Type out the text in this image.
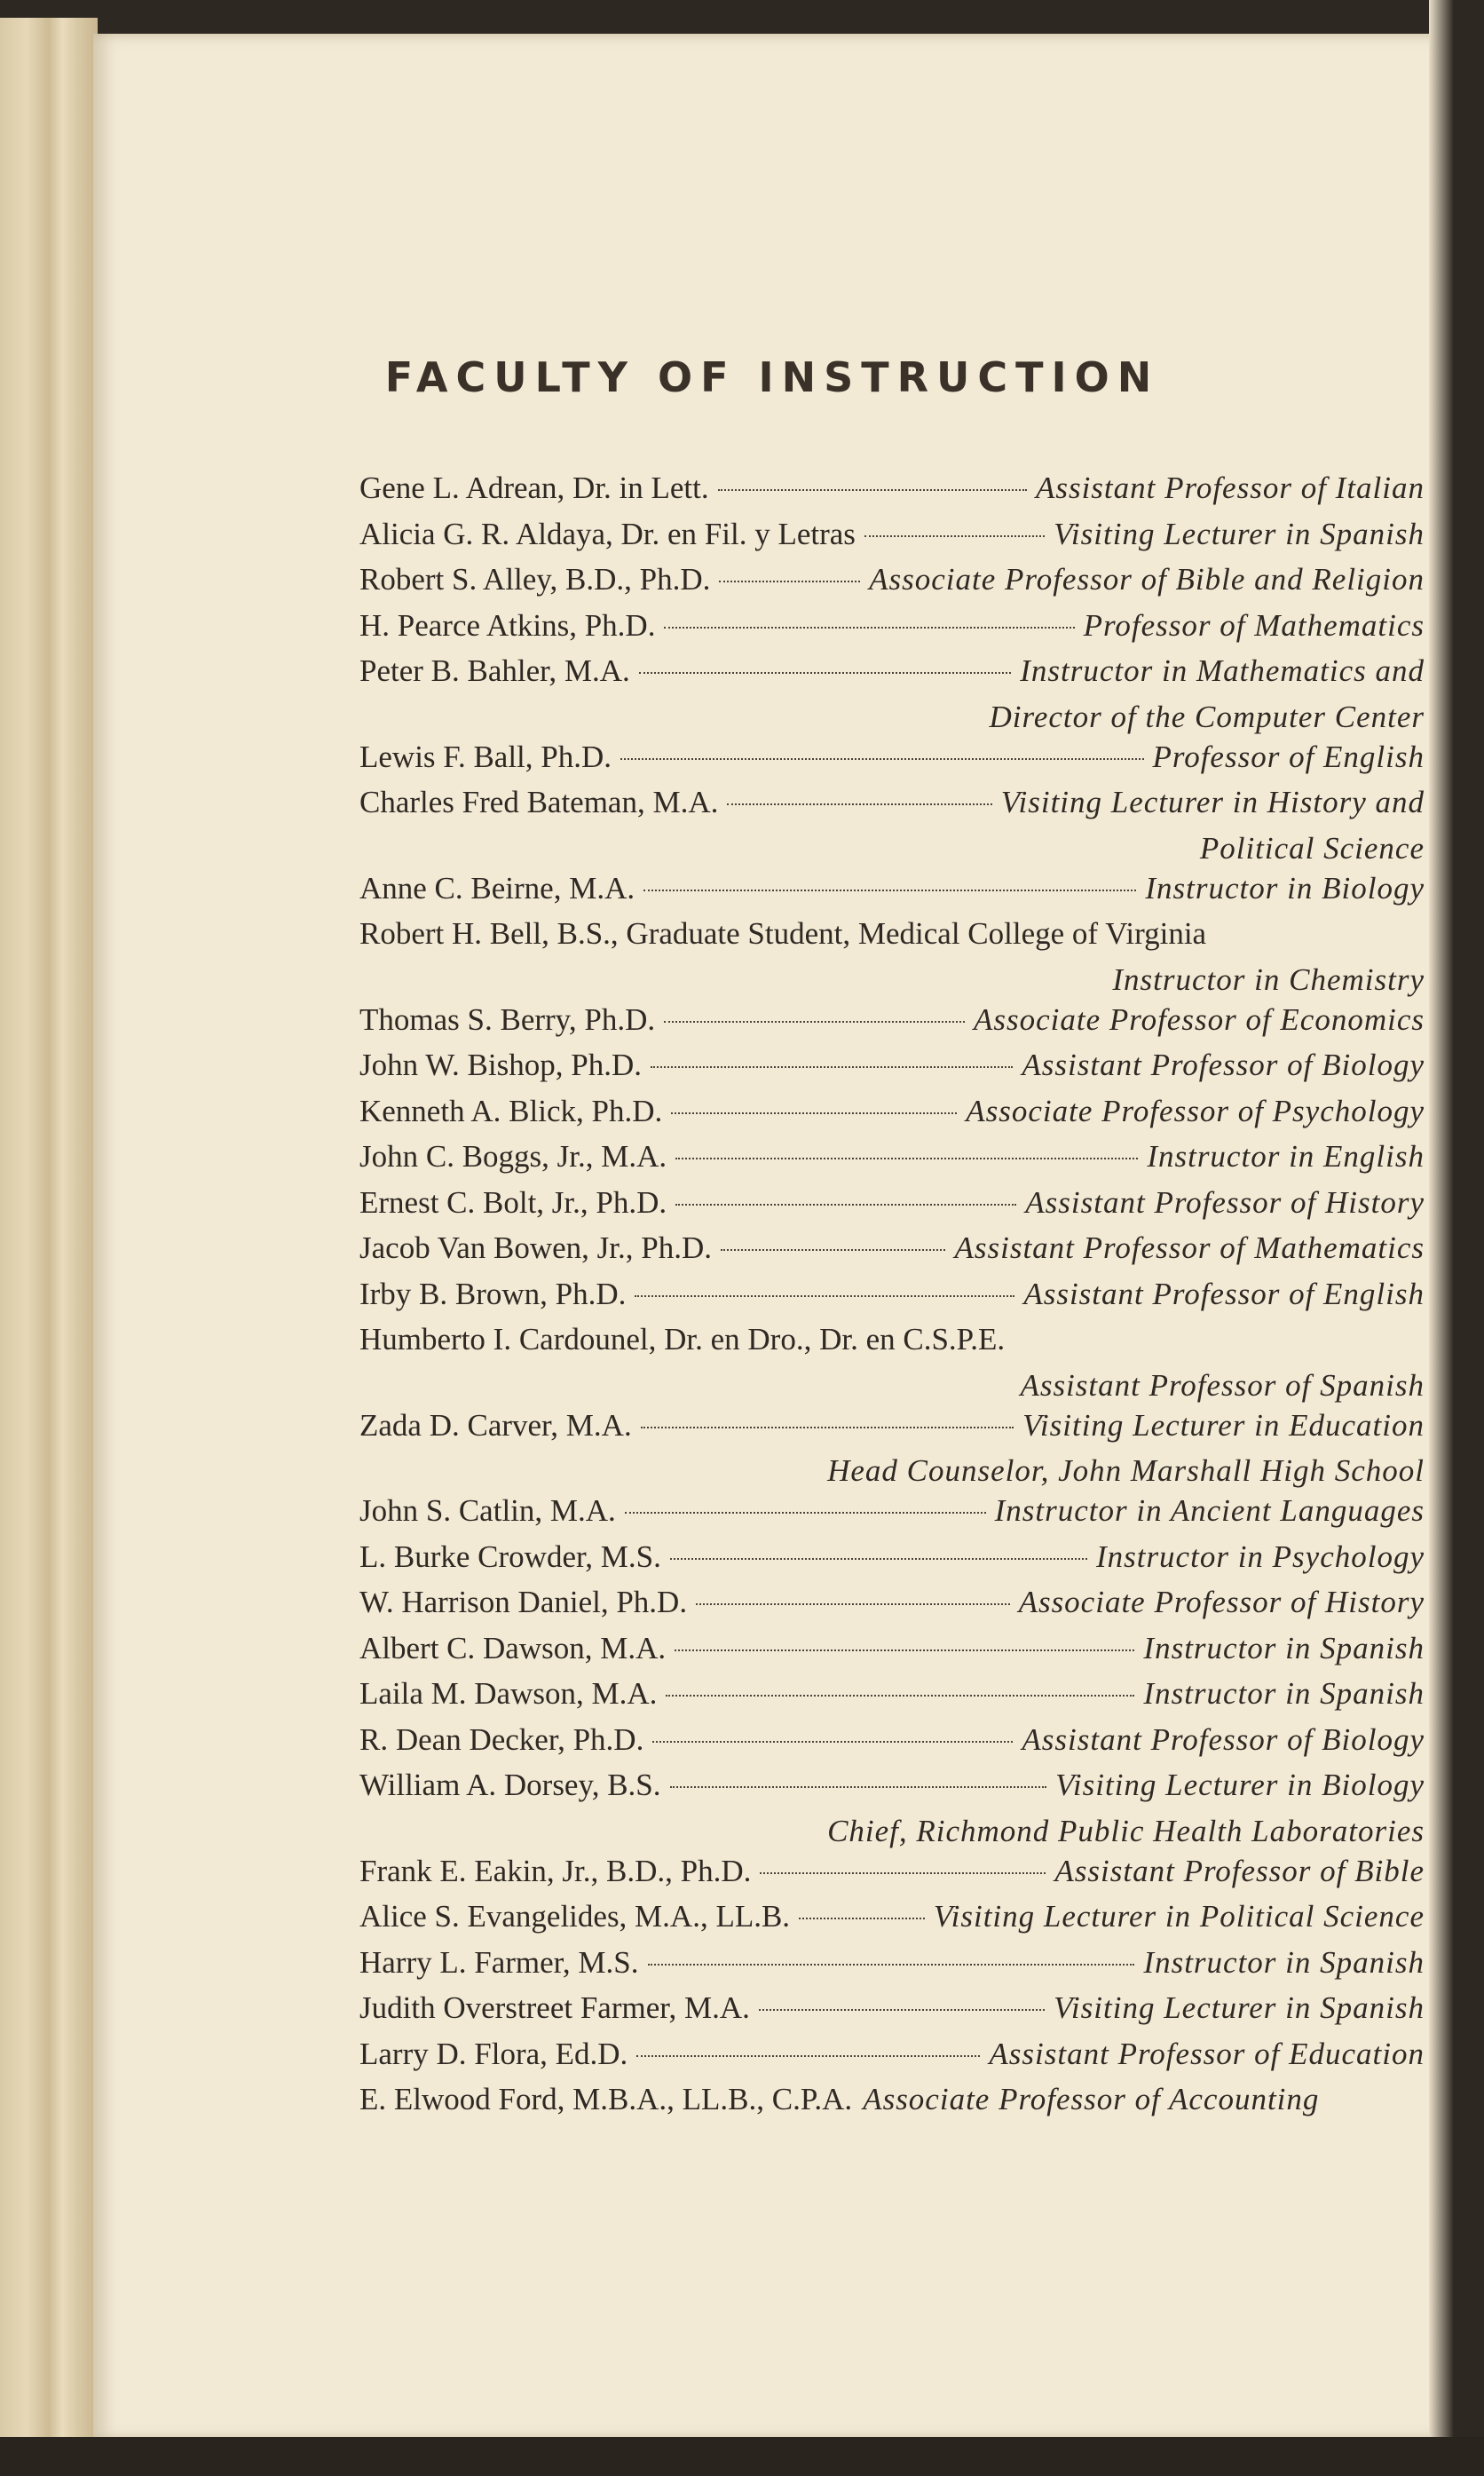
FACULTY OF INSTRUCTION
Gene L. Adrean, Dr. in Lett.	Assistant Professor of Italian
Alicia G. R. Aldaya, Dr. en Fil. y Letras	Visiting Lecturer in Spanish
Robert S. Alley, B.D., Ph.D.	Associate Professor of Bible and Religion
H. Pearce Atkins, Ph.D.	Professor of Mathematics
Peter B. Bahler, M.A.	Instructor in Mathematics and
Director of the Computer Center
Lewis F. Ball, Ph.D.	Professor of English
Charles Fred Bateman, M.A.	Visiting Lecturer in History and
Political Science
Anne C. Beirne, M.A.	Instructor in Biology
Robert H. Bell, B.S., Graduate Student, Medical College of Virginia
Instructor in Chemistry
Thomas S. Berry, Ph.D.	Associate Professor of Economics
John W. Bishop, Ph.D.	Assistant Professor of Biology
Kenneth A. Blick, Ph.D.	Associate Professor of Psychology
John C. Boggs, Jr., M.A.	Instructor in English
Ernest C. Bolt, Jr., Ph.D.	Assistant Professor of History
Jacob Van Bowen, Jr., Ph.D.	Assistant Professor of Mathematics
Irby B. Brown, Ph.D.	Assistant Professor of English
Humberto I. Cardounel, Dr. en Dro., Dr. en C.S.P.E.
Assistant Professor of Spanish
Zada D. Carver, M.A.	Visiting Lecturer in Education
Head Counselor, John Marshall High School
John S. Catlin, M.A.	Instructor in Ancient Languages
L. Burke Crowder, M.S.	Instructor in Psychology
W. Harrison Daniel, Ph.D.	Associate Professor of History
Albert C. Dawson, M.A.	Instructor in Spanish
Laila M. Dawson, M.A.	Instructor in Spanish
R. Dean Decker, Ph.D.	Assistant Professor of Biology
William A. Dorsey, B.S.	Visiting Lecturer in Biology
Chief, Richmond Public Health Laboratories
Frank E. Eakin, Jr., B.D., Ph.D.	Assistant Professor of Bible
Alice S. Evangelides, M.A., LL.B.	Visiting Lecturer in Political Science
Harry L. Farmer, M.S.	Instructor in Spanish
Judith Overstreet Farmer, M.A.	Visiting Lecturer in Spanish
Larry D. Flora, Ed.D.	Assistant Professor of Education
E. Elwood Ford, M.B.A., LL.B., C.P.A. Associate Professor of Accounting
